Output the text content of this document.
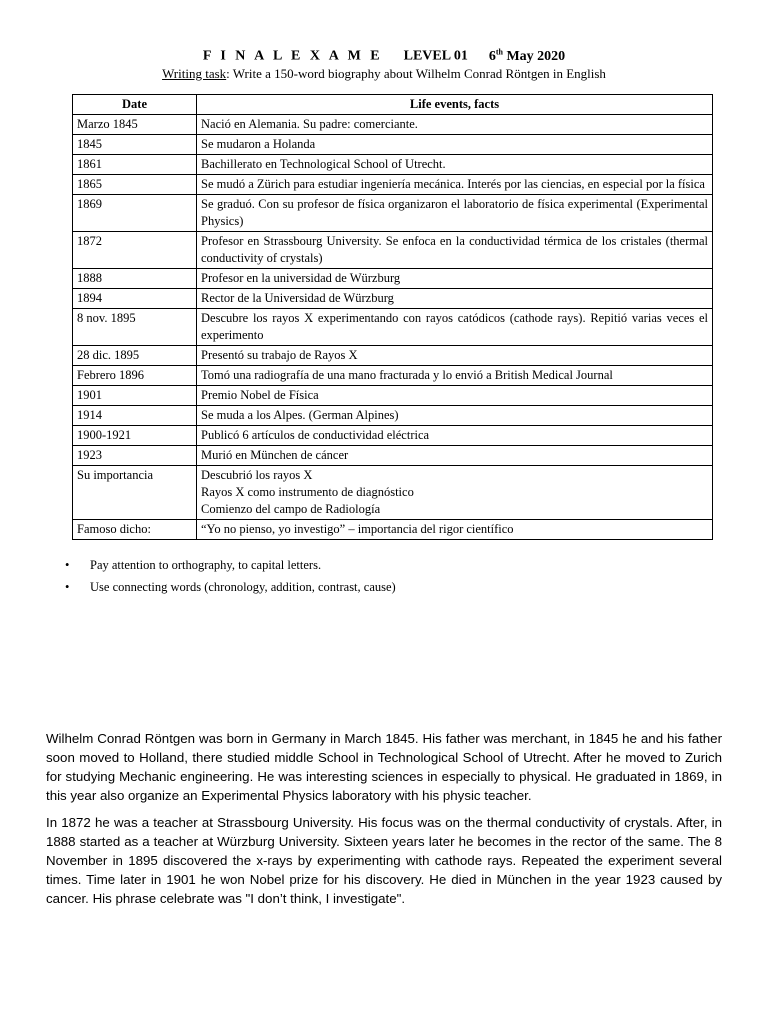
F I N A L E X A M E LEVEL 01 6th May 2020
Writing task: Write a 150-word biography about Wilhelm Conrad Röntgen in English
Date	Life events, facts
Marzo 1845	Nació en Alemania. Su padre: comerciante.
1845	Se mudaron a Holanda
1861	Bachillerato en Technological School of Utrecht.
1865	Se mudó a Zürich para estudiar ingeniería mecánica. Interés por las ciencias, en especial por la física
1869	Se graduó. Con su profesor de física organizaron el laboratorio de física experimental (Experimental Physics)
1872	Profesor en Strassbourg University. Se enfoca en la conductividad térmica de los cristales (thermal conductivity of crystals)
1888	Profesor en la universidad de Würzburg
1894	Rector de la Universidad de Würzburg
8 nov. 1895	Descubre los rayos X experimentando con rayos catódicos (cathode rays). Repitió varias veces el experimento
28 dic. 1895	Presentó su trabajo de Rayos X
Febrero 1896	Tomó una radiografía de una mano fracturada y lo envió a British Medical Journal
1901	Premio Nobel de Física
1914	Se muda a los Alpes. (German Alpines)
1900-1921	Publicó 6 artículos de conductividad eléctrica
1923	Murió en München de cáncer
Su importancia	Descubrió los rayos X
Rayos X como instrumento de diagnóstico
Comienzo del campo de Radiología

Famoso dicho:	“Yo no pienso, yo investigo” – importancia del rigor científico
• Pay attention to orthography, to capital letters.
• Use connecting words (chronology, addition, contrast, cause)

Wilhelm Conrad Röntgen was born in Germany in March 1845. His father was merchant, in 1845 he and his father soon moved to Holland, there studied middle School in Technological School of Utrecht. After he moved to Zurich for studying Mechanic engineering. He was interesting sciences in especially to physical. He graduated in 1869, in this year also organize an Experimental Physics laboratory with his physic teacher.

In 1872 he was a teacher at Strassbourg University. His focus was on the thermal conductivity of crystals. After, in 1888 started as a teacher at Würzburg University. Sixteen years later he becomes in the rector of the same. The 8 November in 1895 discovered the x-rays by experimenting with cathode rays. Repeated the experiment several times. Time later in 1901 he won Nobel prize for his discovery. He died in München in the year 1923 caused by cancer. His phrase celebrate was "I don’t think, I investigate".
